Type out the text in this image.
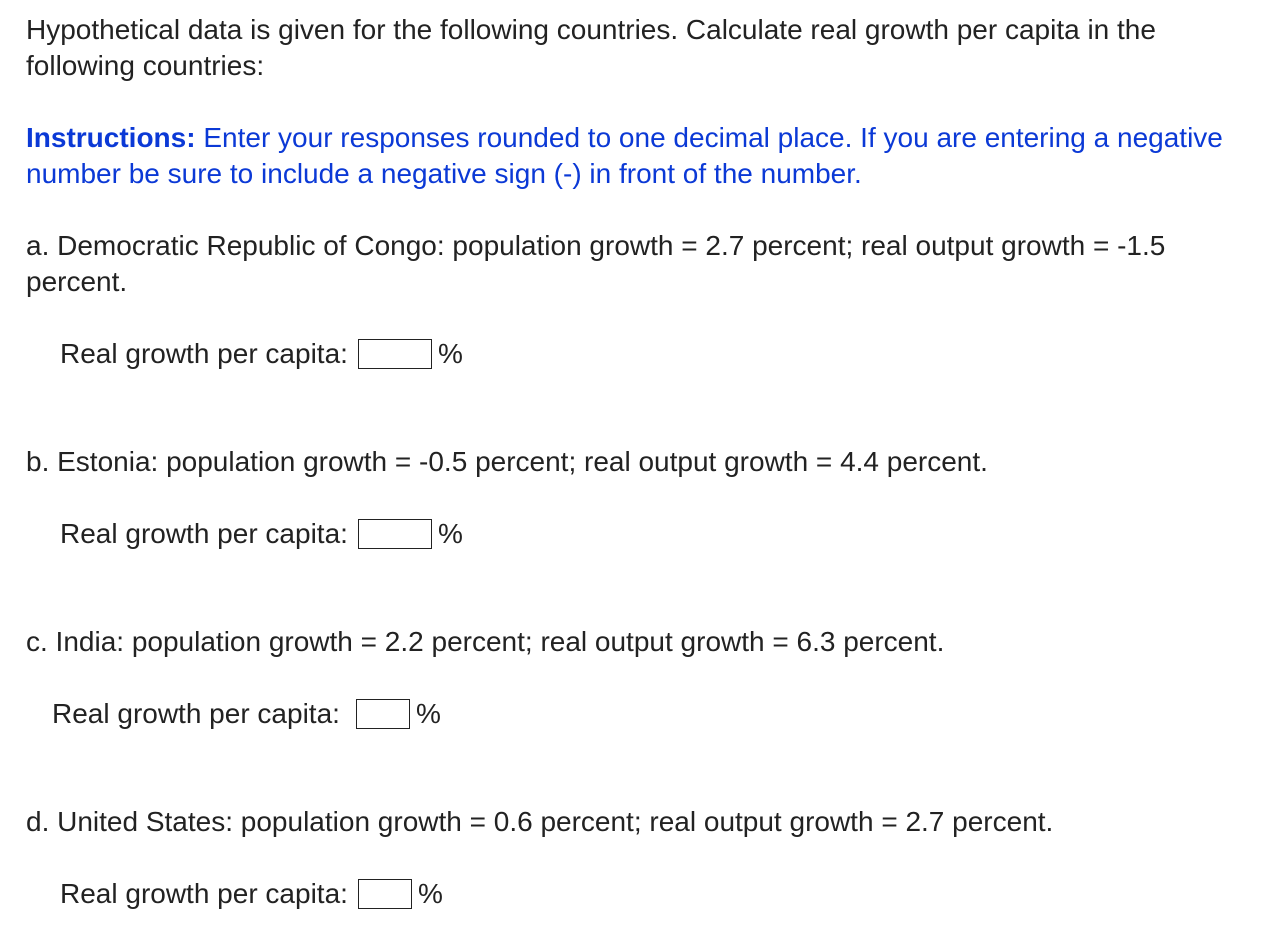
Hypothetical data is given for the following countries. Calculate real growth per capita in the following countries:

Instructions: Enter your responses rounded to one decimal place. If you are entering a negative number be sure to include a negative sign (-) in front of the number.

a. Democratic Republic of Congo: population growth = 2.7 percent; real output growth = -1.5 percent.

Real growth per capita:	%

b. Estonia: population growth = -0.5 percent; real output growth = 4.4 percent.

Real growth per capita:	%

c. India: population growth = 2.2 percent; real output growth = 6.3 percent.

Real growth per capita:	%

d. United States: population growth = 0.6 percent; real output growth = 2.7 percent.

Real growth per capita:	%
